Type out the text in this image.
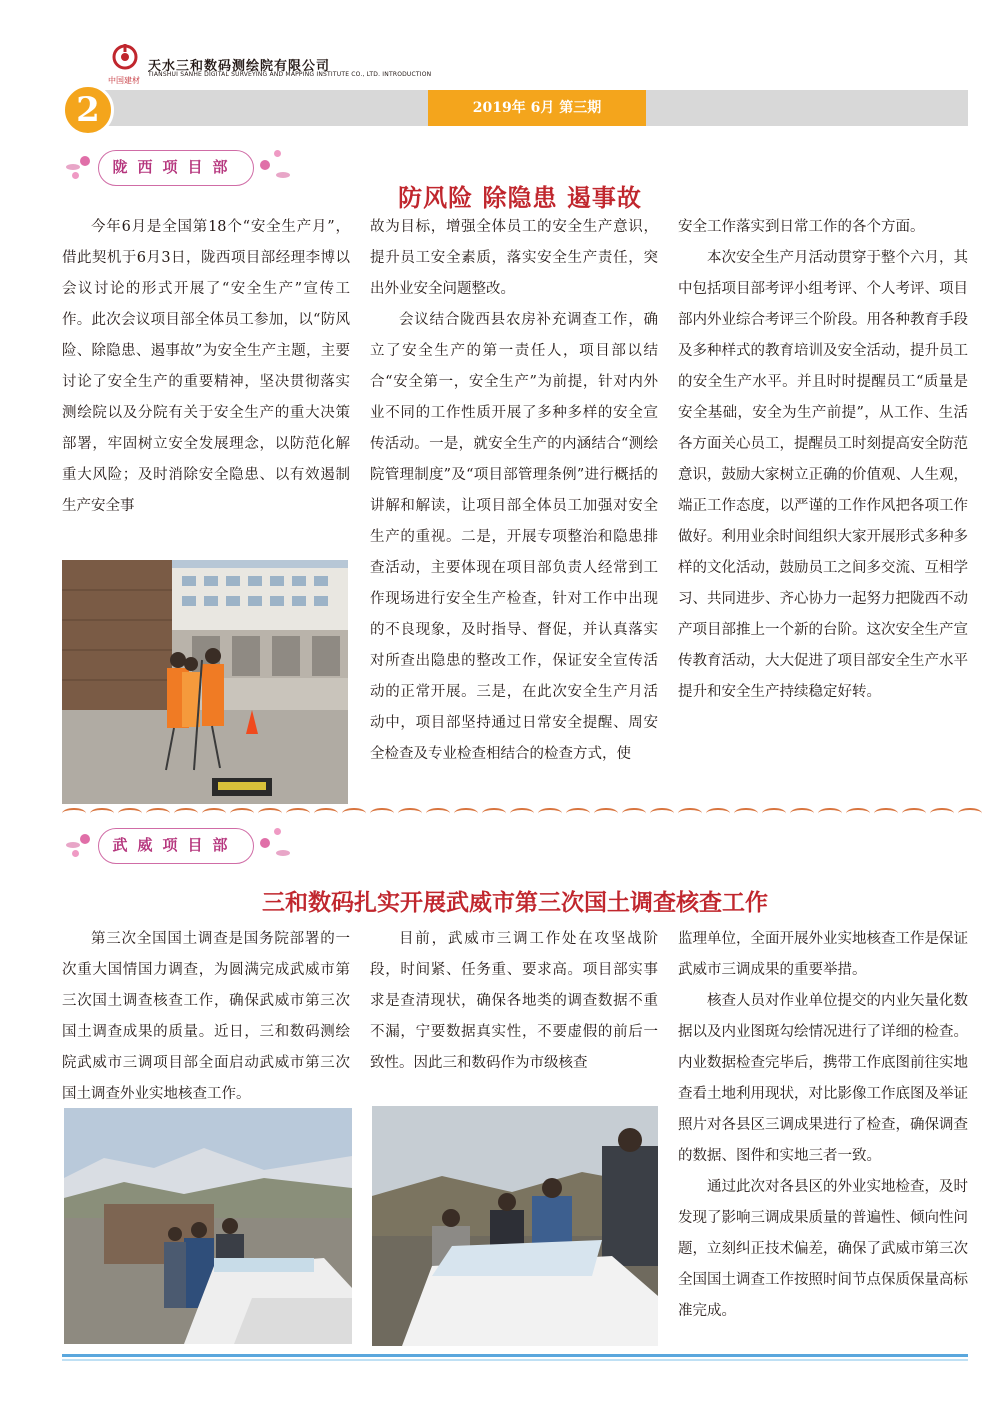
中国建材
天水三和数码测绘院有限公司
TIANSHUI SANHE DIGITAL SURVEYING AND MAPPING INSTITUTE CO., LTD. INTRODUCTION
2019年 6月 第三期
2
陇西项目部
防风险 除隐患 遏事故

今年6月是全国第18个“安全生产月”，借此契机于6月3日，陇西项目部经理李博以会议讨论的形式开展了“安全生产”宣传工作。此次会议项目部全体员工参加，以“防风险、除隐患、遏事故”为安全生产主题，主要讨论了安全生产的重要精神，坚决贯彻落实测绘院以及分院有关于安全生产的重大决策部署，牢固树立安全发展理念，以防范化解重大风险；及时消除安全隐患、以有效遏制生产安全事

故为目标，增强全体员工的安全生产意识，提升员工安全素质，落实安全生产责任，突出外业安全问题整改。

会议结合陇西县农房补充调查工作，确立了安全生产的第一责任人，项目部以结合“安全第一，安全生产”为前提，针对内外业不同的工作性质开展了多种多样的安全宣传活动。一是，就安全生产的内涵结合“测绘院管理制度”及“项目部管理条例”进行概括的讲解和解读，让项目部全体员工加强对安全生产的重视。二是，开展专项整治和隐患排查活动，主要体现在项目部负责人经常到工作现场进行安全生产检查，针对工作中出现的不良现象，及时指导、督促，并认真落实对所查出隐患的整改工作，保证安全宣传活动的正常开展。三是，在此次安全生产月活动中，项目部坚持通过日常安全提醒、周安全检查及专业检查相结合的检查方式，使

安全工作落实到日常工作的各个方面。

本次安全生产月活动贯穿于整个六月，其中包括项目部考评小组考评、个人考评、项目部内外业综合考评三个阶段。用各种教育手段及多种样式的教育培训及安全活动，提升员工的安全生产水平。并且时时提醒员工“质量是安全基础，安全为生产前提”，从工作、生活各方面关心员工，提醒员工时刻提高安全防范意识，鼓励大家树立正确的价值观、人生观，端正工作态度，以严谨的工作作风把各项工作做好。利用业余时间组织大家开展形式多种多样的文化活动，鼓励员工之间多交流、互相学习、共同进步、齐心协力一起努力把陇西不动产项目部推上一个新的台阶。这次安全生产宣传教育活动，大大促进了项目部安全生产水平提升和安全生产持续稳定好转。

武威项目部
三和数码扎实开展武威市第三次国土调查核查工作

第三次全国国土调查是国务院部署的一次重大国情国力调查，为圆满完成武威市第三次国土调查核查工作，确保武威市第三次国土调查成果的质量。近日，三和数码测绘院武威市三调项目部全面启动武威市第三次国土调查外业实地核查工作。

目前，武威市三调工作处在攻坚战阶段，时间紧、任务重、要求高。项目部实事求是查清现状，确保各地类的调查数据不重不漏，宁要数据真实性，不要虚假的前后一致性。因此三和数码作为市级核查

监理单位，全面开展外业实地核查工作是保证武威市三调成果的重要举措。

核查人员对作业单位提交的内业矢量化数据以及内业图斑勾绘情况进行了详细的检查。内业数据检查完毕后，携带工作底图前往实地查看土地利用现状，对比影像工作底图及举证照片对各县区三调成果进行了检查，确保调查的数据、图件和实地三者一致。

通过此次对各县区的外业实地检查，及时发现了影响三调成果质量的普遍性、倾向性问题，立刻纠正技术偏差，确保了武威市第三次全国国土调查工作按照时间节点保质保量高标准完成。
